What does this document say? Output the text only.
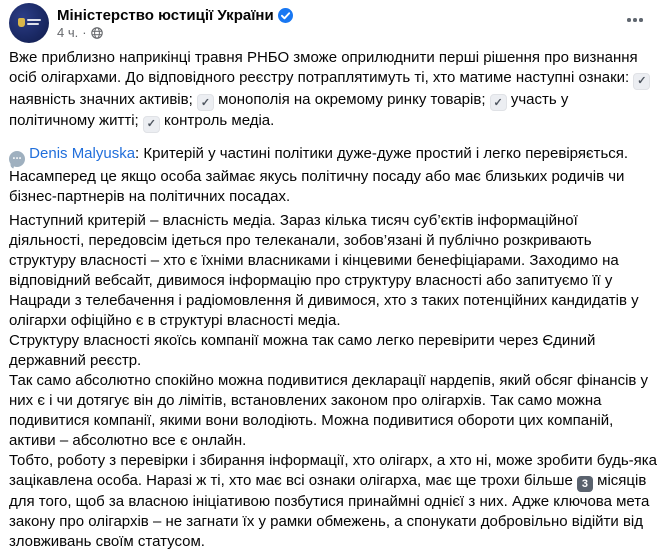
Міністерство юстиції України
4 ч. ·

Вже приблизно наприкінці травня РНБО зможе оприлюднити перші рішення про визнання осіб олігархами. До відповідного реєстру потраплятимуть ті, хто матиме наступні ознаки: ✓ наявність значних активів; ✓ монополія на окремому ринку товарів; ✓ участь у політичному житті; ✓ контроль медіа.

••• Denis Malyuska: Критерій у частині політики дуже-дуже простий і легко перевіряється. Насамперед це якщо особа займає якусь політичну посаду або має близьких родичів чи бізнес-партнерів на політичних посадах.

Наступний критерій – власність медіа. Зараз кілька тисяч суб’єктів інформаційної діяльності, передовсім ідеться про телеканали, зобов’язані й публічно розкривають структуру власності – хто є їхніми власниками і кінцевими бенефіціарами. Заходимо на відповідний вебсайт, дивимося інформацію про структуру власності або запитуємо її у Нацради з телебачення і радіомовлення й дивимося, хто з таких потенційних кандидатів у олігархи офіційно є в структурі власності медіа.

Структуру власності якоїсь компанії можна так само легко перевірити через Єдиний державний реєстр.

Так само абсолютно спокійно можна подивитися декларації нардепів, який обсяг фінансів у них є і чи дотягує він до лімітів, встановлених законом про олігархів. Так само можна подивитися компанії, якими вони володіють. Можна подивитися обороти цих компаній, активи – абсолютно все є онлайн.

Тобто, роботу з перевірки і збирання інформації, хто олігарх, а хто ні, може зробити будь-яка зацікавлена особа. Наразі ж ті, хто має всі ознаки олігарха, має ще трохи більше 3 місяців для того, щоб за власною ініціативою позбутися принаймні однієї з них. Адже ключова мета закону про олігархів – не загнати їх у рамки обмежень, а спонукати добровільно відійти від зловживань своїм статусом.
